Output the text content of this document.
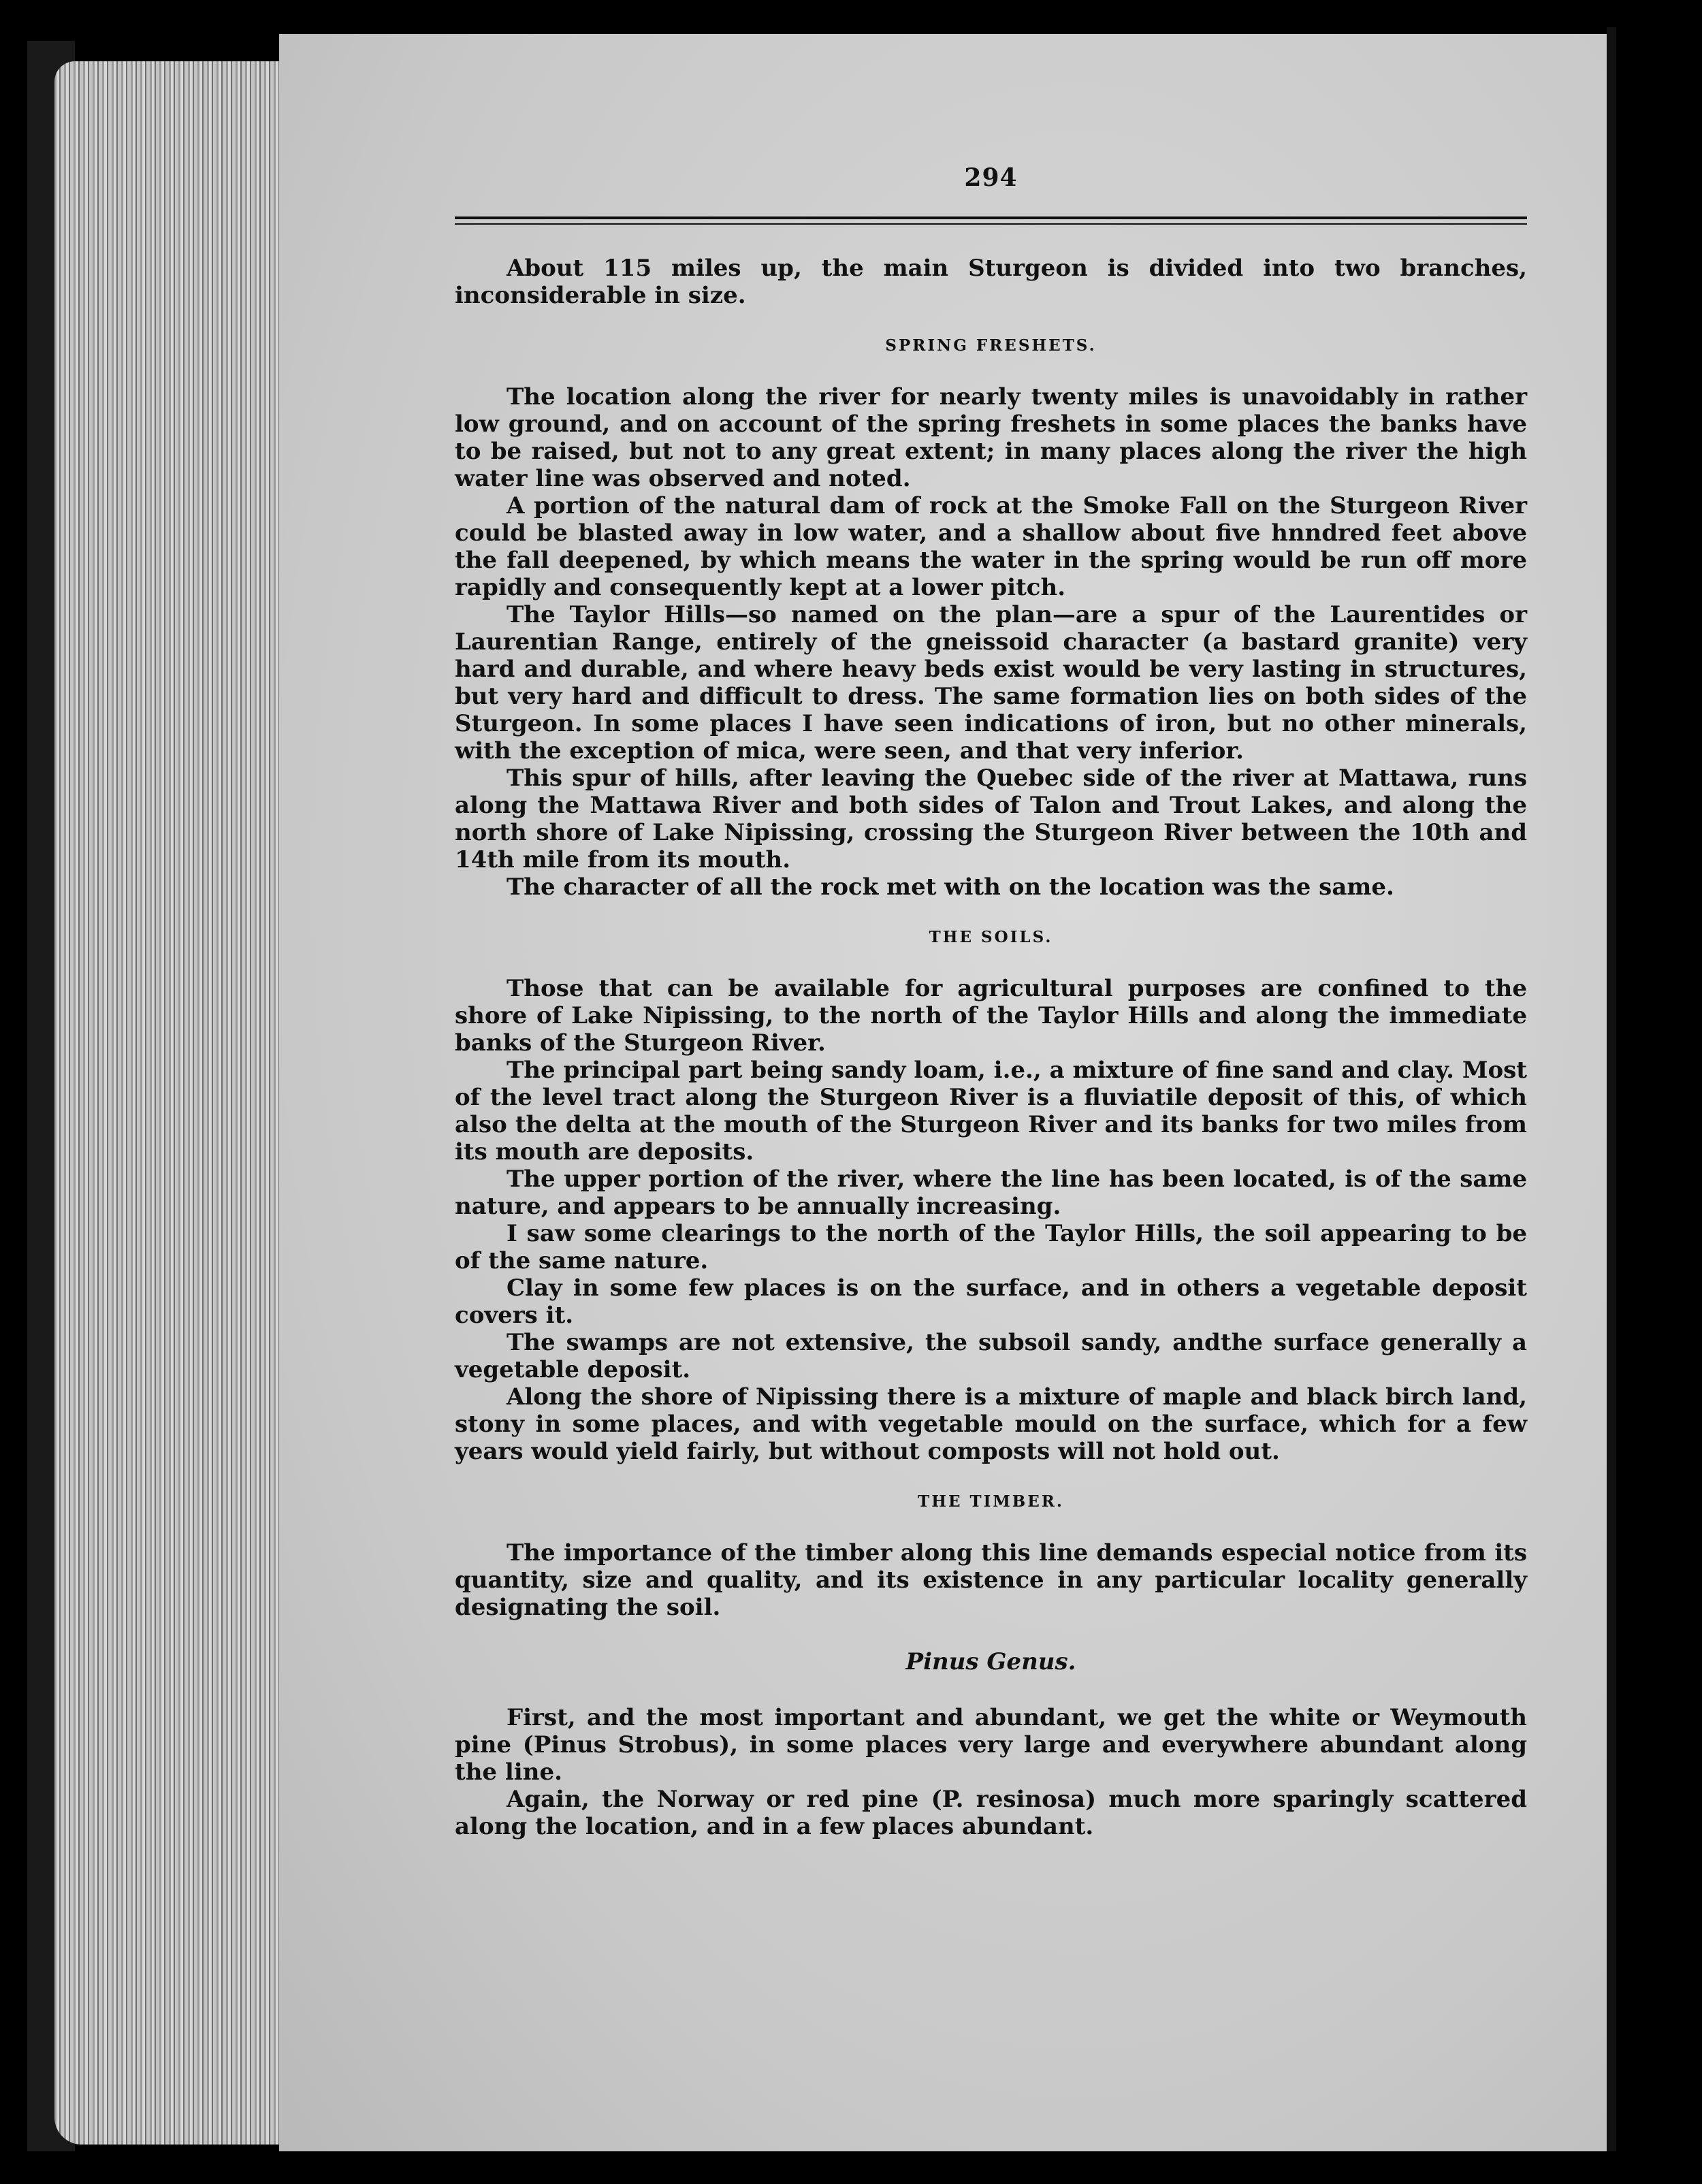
294

About 115 miles up, the main Sturgeon is divided into two branches, inconsiderable in size.

SPRING FRESHETS.

The location along the river for nearly twenty miles is unavoidably in rather low ground, and on account of the spring freshets in some places the banks have to be raised, but not to any great extent; in many places along the river the high water line was observed and noted.

A portion of the natural dam of rock at the Smoke Fall on the Sturgeon River could be blasted away in low water, and a shallow about five hnndred feet above the fall deepened, by which means the water in the spring would be run off more rapidly and consequently kept at a lower pitch.

The Taylor Hills—so named on the plan—are a spur of the Laurentides or Laurentian Range, entirely of the gneissoid character (a bastard granite) very hard and durable, and where heavy beds exist would be very lasting in structures, but very hard and difficult to dress. The same formation lies on both sides of the Sturgeon. In some places I have seen indications of iron, but no other minerals, with the exception of mica, were seen, and that very inferior.

This spur of hills, after leaving the Quebec side of the river at Mattawa, runs along the Mattawa River and both sides of Talon and Trout Lakes, and along the north shore of Lake Nipissing, crossing the Sturgeon River between the 10th and 14th mile from its mouth.

The character of all the rock met with on the location was the same.

THE SOILS.

Those that can be available for agricultural purposes are confined to the shore of Lake Nipissing, to the north of the Taylor Hills and along the immediate banks of the Sturgeon River.

The principal part being sandy loam, i.e., a mixture of fine sand and clay. Most of the level tract along the Sturgeon River is a fluviatile deposit of this, of which also the delta at the mouth of the Sturgeon River and its banks for two miles from its mouth are deposits.

The upper portion of the river, where the line has been located, is of the same nature, and appears to be annually increasing.

I saw some clearings to the north of the Taylor Hills, the soil appearing to be of the same nature.

Clay in some few places is on the surface, and in others a vegetable deposit covers it.

The swamps are not extensive, the subsoil sandy, andthe surface generally a vegetable deposit.

Along the shore of Nipissing there is a mixture of maple and black birch land, stony in some places, and with vegetable mould on the surface, which for a few years would yield fairly, but without composts will not hold out.

THE TIMBER.

The importance of the timber along this line demands especial notice from its quantity, size and quality, and its existence in any particular locality generally designating the soil.

Pinus Genus.

First, and the most important and abundant, we get the white or Weymouth pine (Pinus Strobus), in some places very large and everywhere abundant along the line.

Again, the Norway or red pine (P. resinosa) much more sparingly scattered along the location, and in a few places abundant.
